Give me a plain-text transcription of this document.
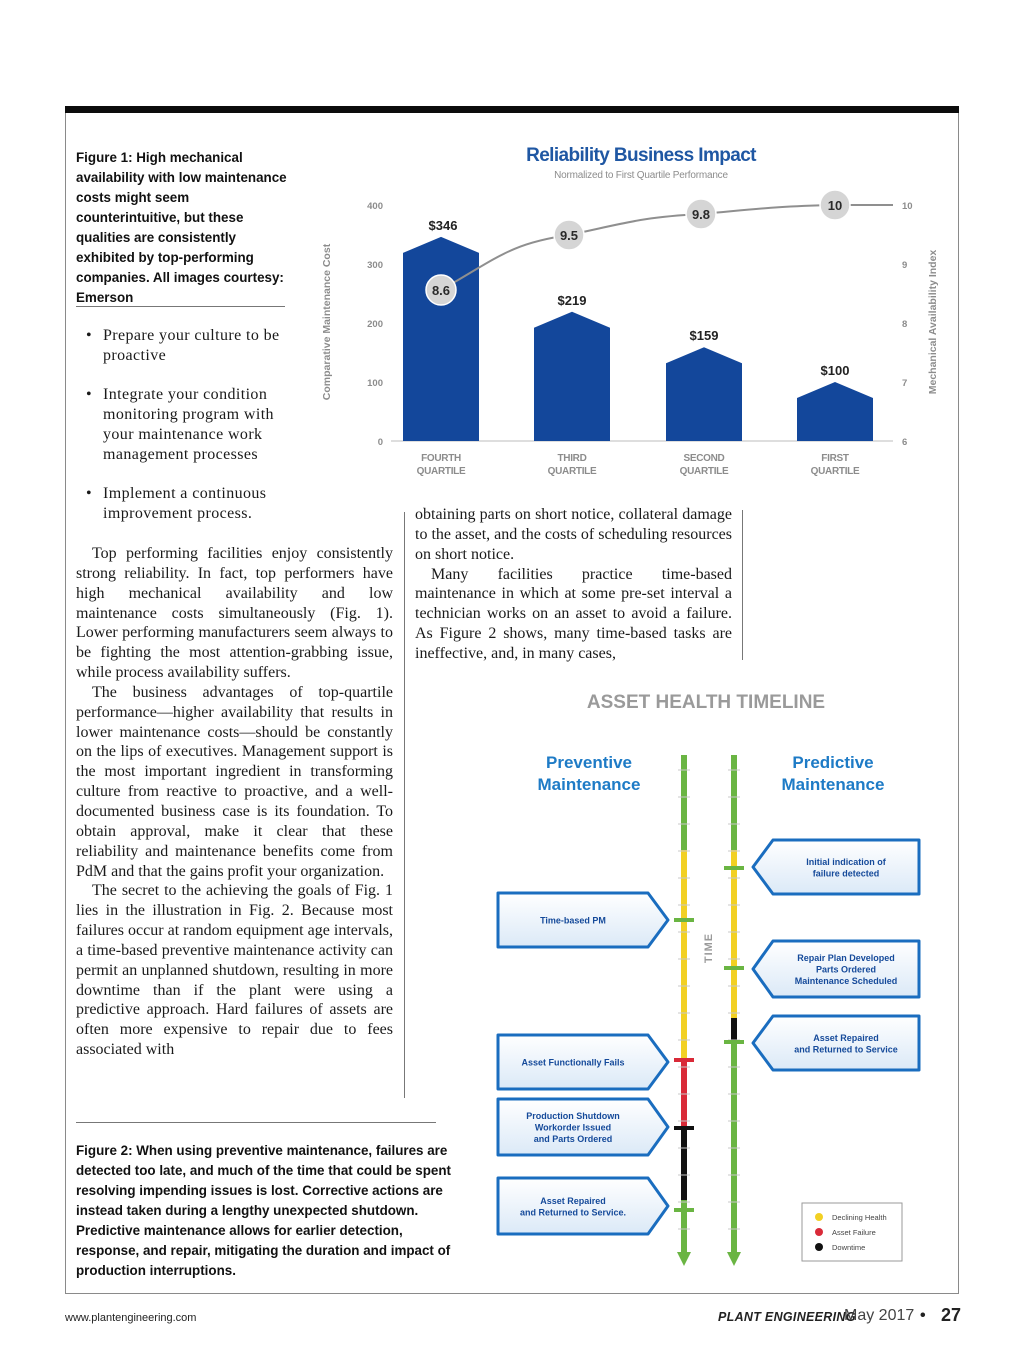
Figure 1: High mechanical availability with low maintenance costs might seem counterintuitive, but these qualities are consistently exhibited by top-performing companies. All images courtesy: Emerson
• Prepare your culture to be proactive
• Integrate your condition monitoring program with your maintenance work management processes
• Implement a continuous improvement process.

Top performing facilities enjoy consistently strong reliability. In fact, top performers have high mechanical availability and low maintenance costs simultaneously (Fig. 1). Lower performing manufacturers seem always to be fighting the most attention-grabbing issue, while process availability suffers.

The business advantages of top-quartile performance—higher availability that results in lower maintenance costs—should be constantly on the lips of executives. Management support is the most important ingredient in transforming culture from reactive to proactive, and a well-documented business case is its foundation. To obtain approval, make it clear that these reliability and maintenance benefits come from PdM and that the gains profit your organization.

The secret to the achieving the goals of Fig. 1 lies in the illustration in Fig. 2. Because most failures occur at random equipment age intervals, a time-based preventive maintenance activity can permit an unplanned shutdown, resulting in more downtime than if the plant were using a predictive approach. Hard failures of assets are often more expensive to repair due to fees associated with

obtaining parts on short notice, collateral damage to the asset, and the costs of scheduling resources on short notice.

Many facilities practice time-based maintenance in which at some pre-set interval a technician works on an asset to avoid a failure. As Figure 2 shows, many time-based tasks are ineffective, and, in many cases,

Reliability Business Impact
Normalized to First Quartile Performance
Comparative Maintenance Cost	Mechanical Availability Index
0
100
200
300
400
6
7
8
9
10
8.6
9.5
9.8
10
$346
FOURTH
QUARTILE
$219
THIRD
QUARTILE
$159
SECOND
QUARTILE
$100
FIRST
QUARTILE
ASSET HEALTH TIMELINE
Preventive
Maintenance
Predictive
Maintenance
TIME
Time-based PM
Asset Functionally Fails
Production Shutdown
Workorder Issued
and Parts Ordered
Asset Repaired
and Returned to Service.
Initial indication of
failure detected
Repair Plan Developed
Parts Ordered
Maintenance Scheduled
Asset Repaired
and Returned to Service
Declining Health
Asset Failure
Downtime
Figure 2: When using preventive maintenance, failures are detected too late, and much of the time that could be spent resolving impending issues is lost. Corrective actions are instead taken during a lengthy unexpected shutdown. Predictive maintenance allows for earlier detection, response, and repair, mitigating the duration and impact of production interruptions.
www.plantengineering.com	PLANT ENGINEERING
May 2017 • 27
